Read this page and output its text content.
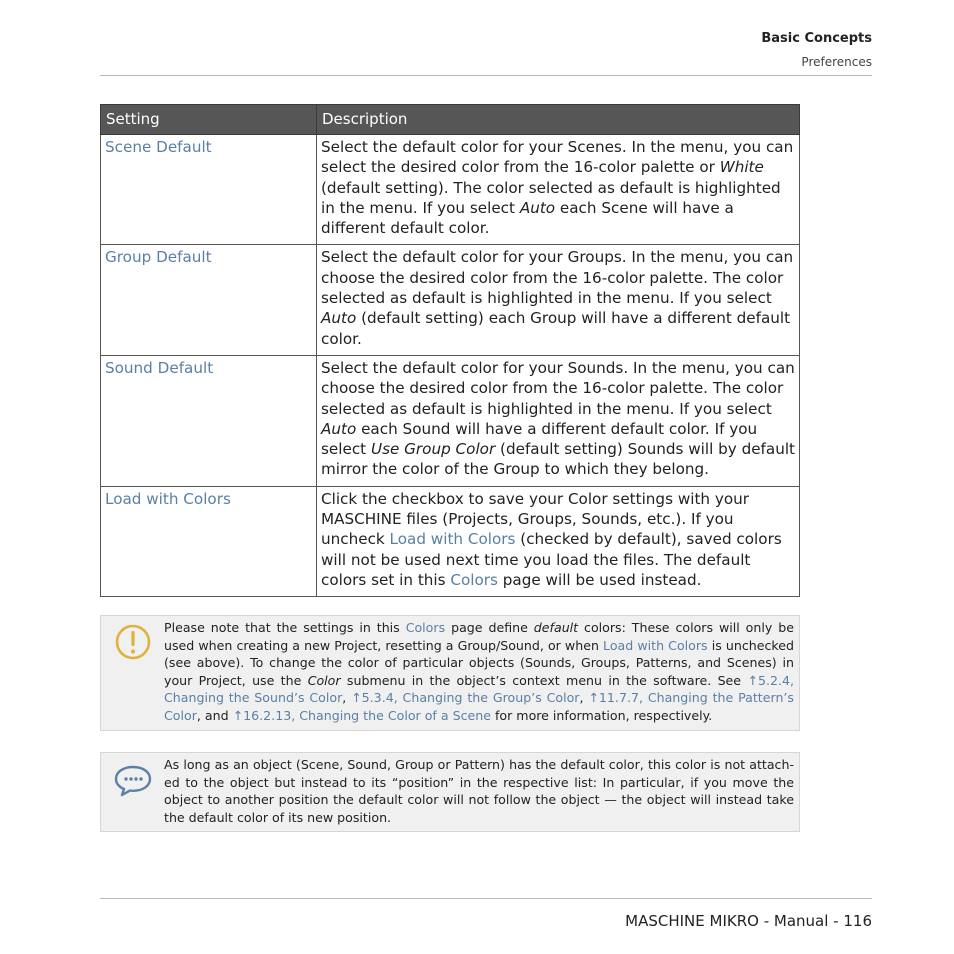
Basic Concepts
Preferences
Setting	Description
Scene Default	Select the default color for your Scenes. In the menu, you can select the desired color from the 16-color palette or White (default setting). The color selected as default is highlighted in the menu. If you select Auto each Scene will have a different default color.
Group Default	Select the default color for your Groups. In the menu, you can choose the desired color from the 16-color palette. The color selected as default is highlighted in the menu. If you select Auto (default setting) each Group will have a different default color.
Sound Default	Select the default color for your Sounds. In the menu, you can choose the desired color from the 16-color palette. The color selected as default is highlighted in the menu. If you select Auto each Sound will have a different default color. If you select Use Group Color (default setting) Sounds will by default mirror the color of the Group to which they belong.
Load with Colors	Click the checkbox to save your Color settings with your MASCHINE files (Projects, Groups, Sounds, etc.). If you uncheck Load with Colors (checked by default), saved colors will not be used next time you load the files. The default colors set in this Colors page will be used instead.
Please note that the settings in this Colors page define default colors: These colors will only be used when creating a new Project, resetting a Group/Sound, or when Load with Colors is unchecked (see above). To change the color of particular objects (Sounds, Groups, Patterns, and Scenes) in your Project, use the Color submenu in the object’s context menu in the software. See ↑5.2.4, Changing the Sound’s Color, ↑5.3.4, Changing the Group’s Color, ↑11.7.7, Changing the Pattern’s Color, and ↑16.2.13, Changing the Color of a Scene for more information, respectively.
As long as an object (Scene, Sound, Group or Pattern) has the default color, this color is not attach-ed to the object but instead to its “position” in the respective list: In particular, if you move the object to another position the default color will not follow the object — the object will instead take the default color of its new position.
MASCHINE MIKRO - Manual - 116
